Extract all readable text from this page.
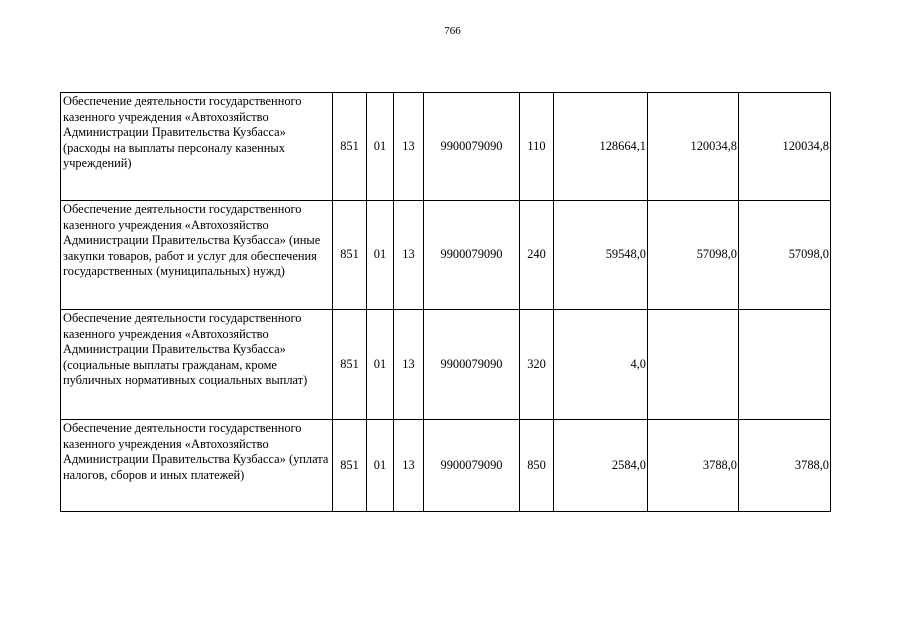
766
Обеспечение деятельности государственного казенного учреждения «Автохозяйство Администрации Правительства Кузбасса» (расходы на выплаты персоналу казенных учреждений)	851	01	13	9900079090	110	128664,1	120034,8	120034,8
Обеспечение деятельности государственного казенного учреждения «Автохозяйство Администрации Правительства Кузбасса» (иные закупки товаров, работ и услуг для обеспечения государственных (муниципальных) нужд)	851	01	13	9900079090	240	59548,0	57098,0	57098,0
Обеспечение деятельности государственного казенного учреждения «Автохозяйство Администрации Правительства Кузбасса» (социальные выплаты гражданам, кроме публичных нормативных социальных выплат)	851	01	13	9900079090	320	4,0		
Обеспечение деятельности государственного казенного учреждения «Автохозяйство Администрации Правительства Кузбасса» (уплата налогов, сборов и иных платежей)	851	01	13	9900079090	850	2584,0	3788,0	3788,0
